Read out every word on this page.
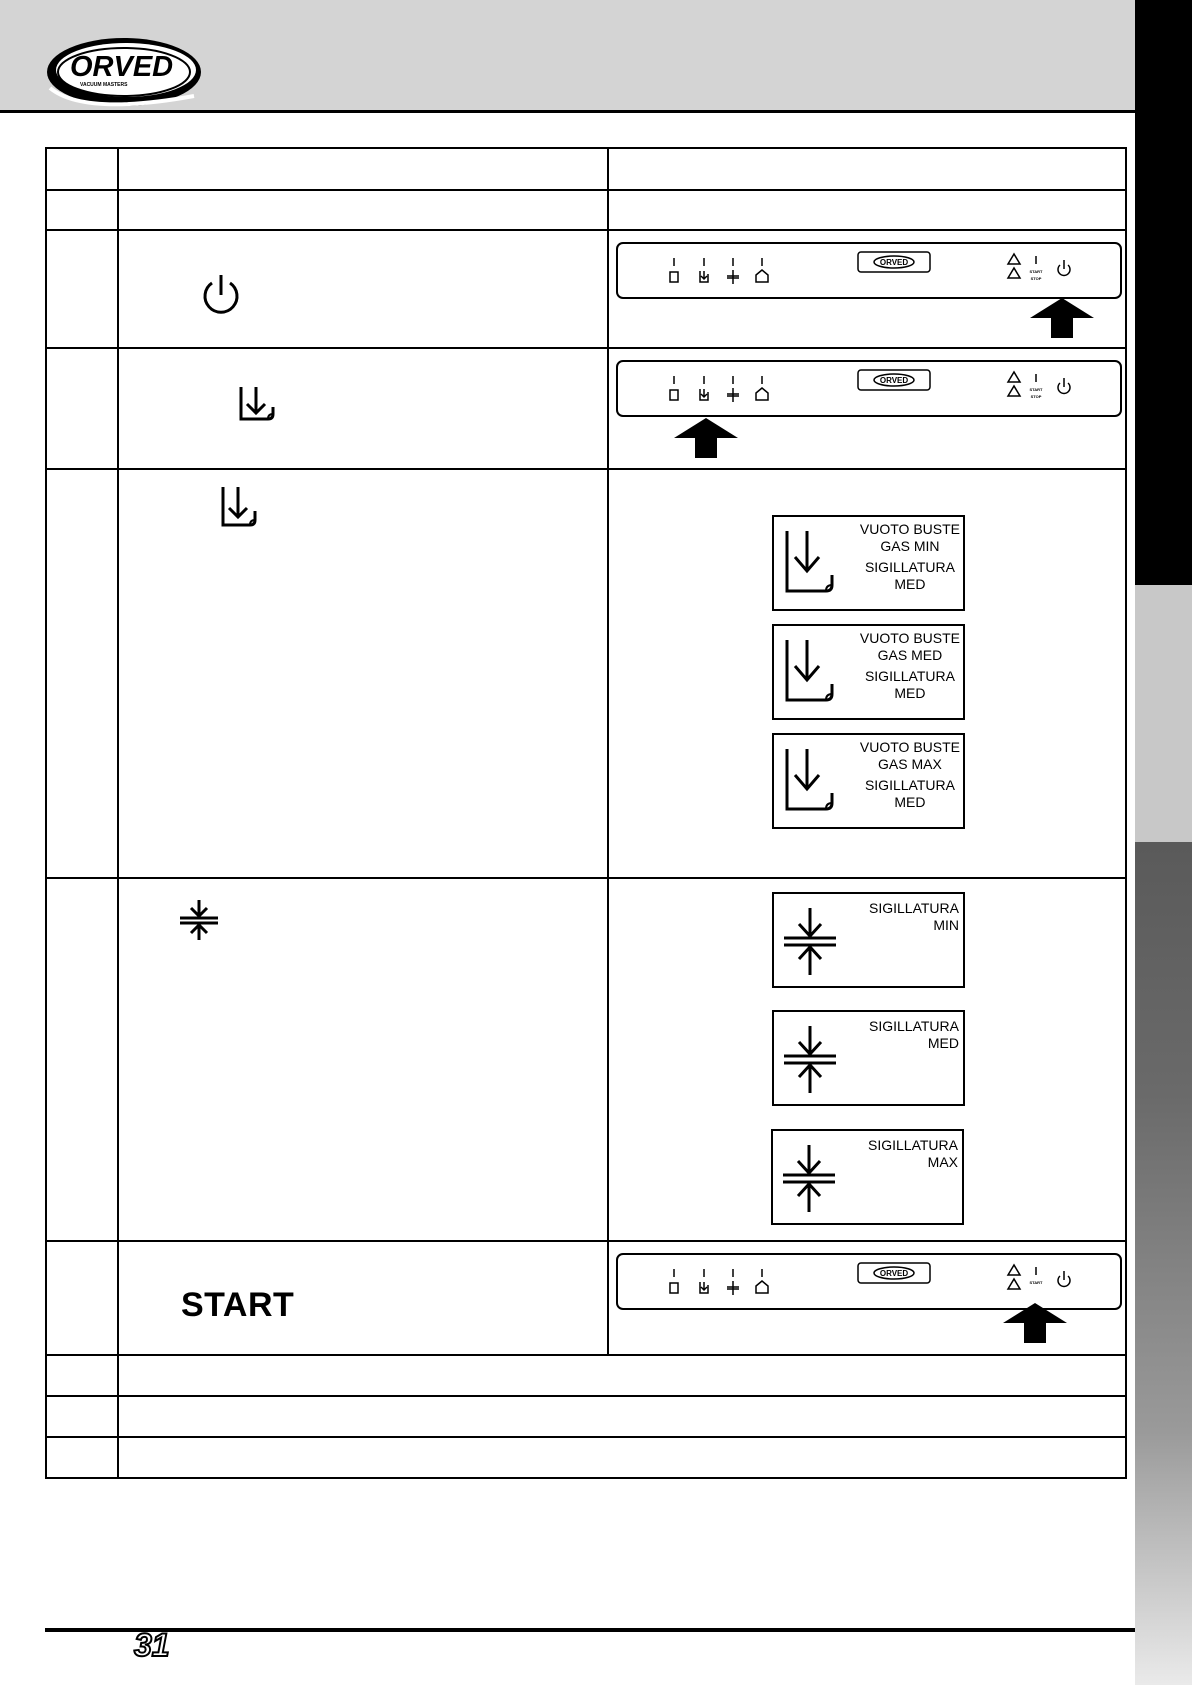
ORVED
VACUUM MASTERS
START
ORVED
START
STOP
ORVED
START
STOP
ORVED
START
VUOTO BUSTE
GAS MIN
SIGILLATURA
MED
VUOTO BUSTE
GAS MED
SIGILLATURA
MED
VUOTO BUSTE
GAS MAX
SIGILLATURA
MED
SIGILLATURA
MIN
SIGILLATURA
MED
SIGILLATURA
MAX
31
